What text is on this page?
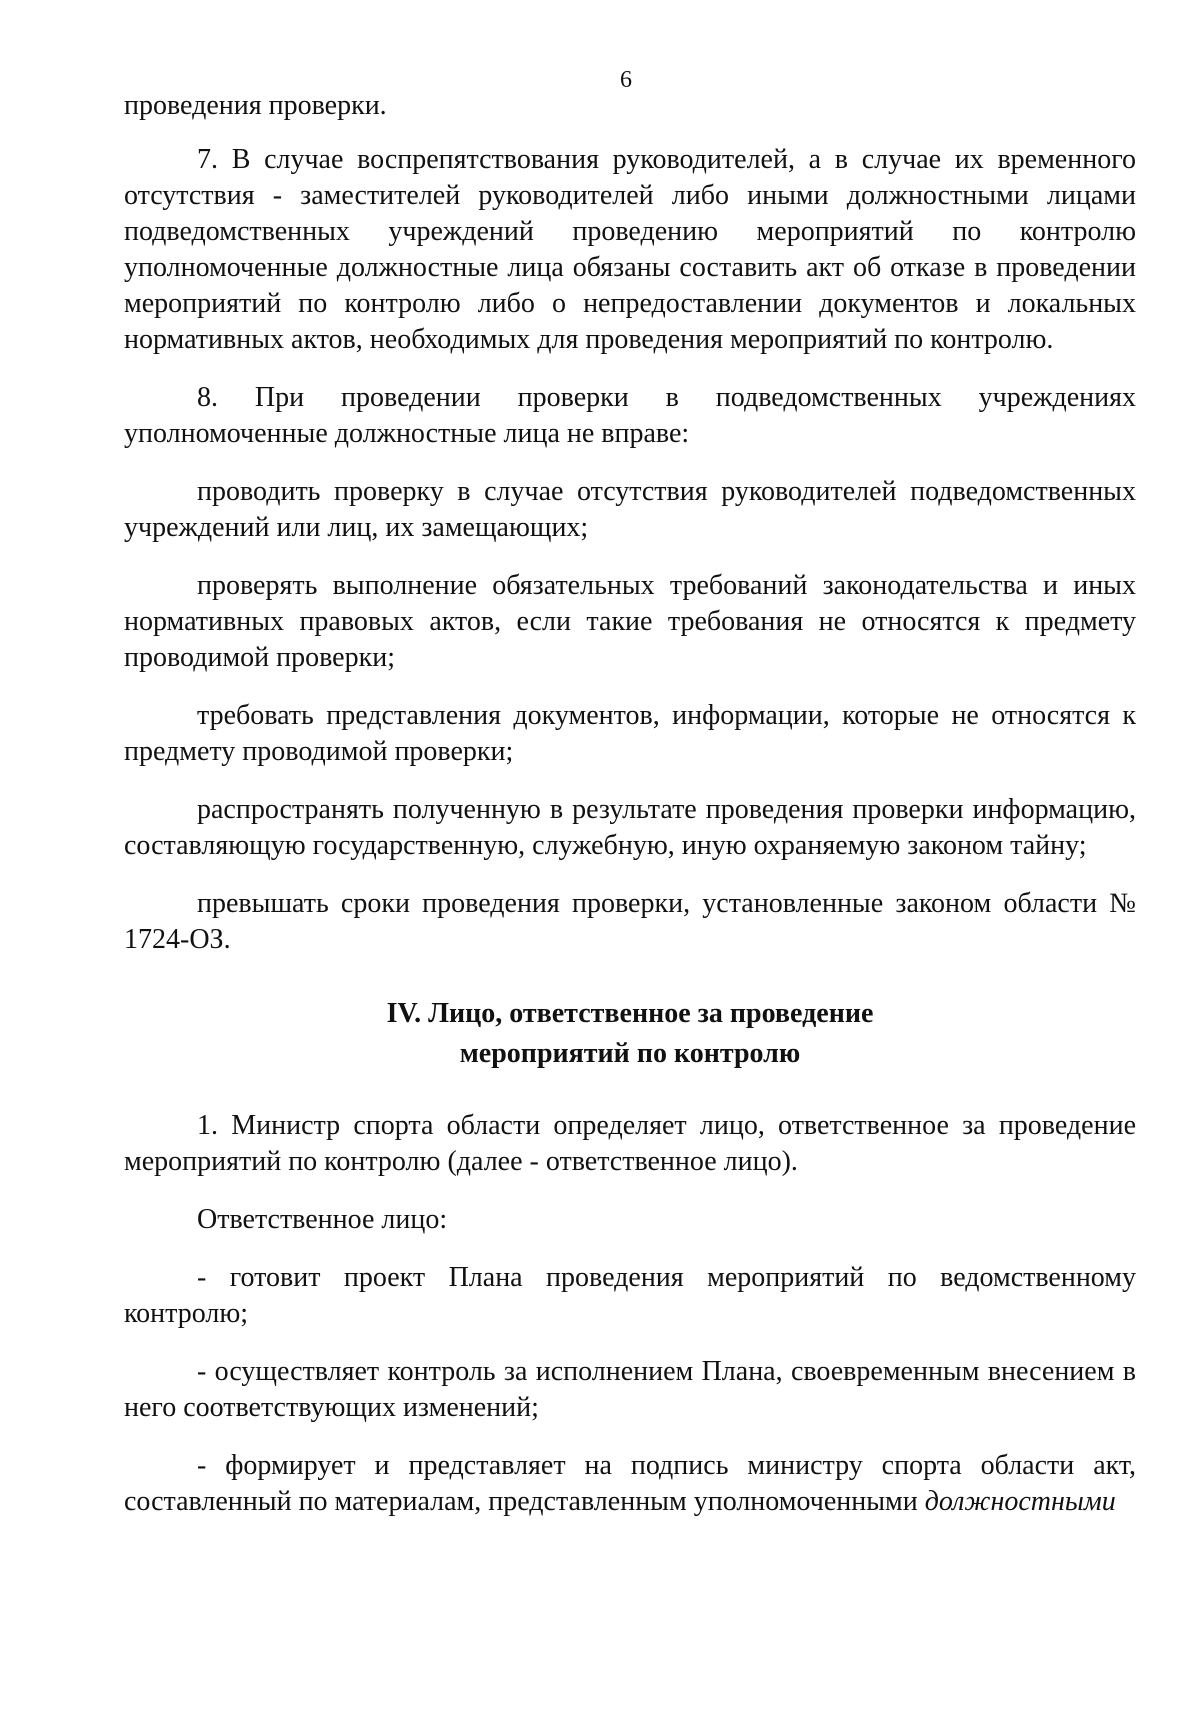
6

проведения проверки.

7. В случае воспрепятствования руководителей, а в случае их временного отсутствия - заместителей руководителей либо иными должностными лицами подведомственных учреждений проведению мероприятий по контролю уполномоченные должностные лица обязаны составить акт об отказе в проведении мероприятий по контролю либо о непредоставлении документов и локальных нормативных актов, необходимых для проведения мероприятий по контролю.

8. При проведении проверки в подведомственных учреждениях уполномоченные должностные лица не вправе:

проводить проверку в случае отсутствия руководителей подведомственных учреждений или лиц, их замещающих;

проверять выполнение обязательных требований законодательства и иных нормативных правовых актов, если такие требования не относятся к предмету проводимой проверки;

требовать представления документов, информации, которые не относятся к предмету проводимой проверки;

распространять полученную в результате проведения проверки информацию, составляющую государственную, служебную, иную охраняемую законом тайну;

превышать сроки проведения проверки, установленные законом области № 1724-ОЗ.

IV. Лицо, ответственное за проведение
мероприятий по контролю

1. Министр спорта области определяет лицо, ответственное за проведение мероприятий по контролю (далее - ответственное лицо).

Ответственное лицо:

- готовит проект Плана проведения мероприятий по ведомственному контролю;

- осуществляет контроль за исполнением Плана, своевременным внесением в него соответствующих изменений;

- формирует и представляет на подпись министру спорта области акт, составленный по материалам, представленным уполномоченными должностными
